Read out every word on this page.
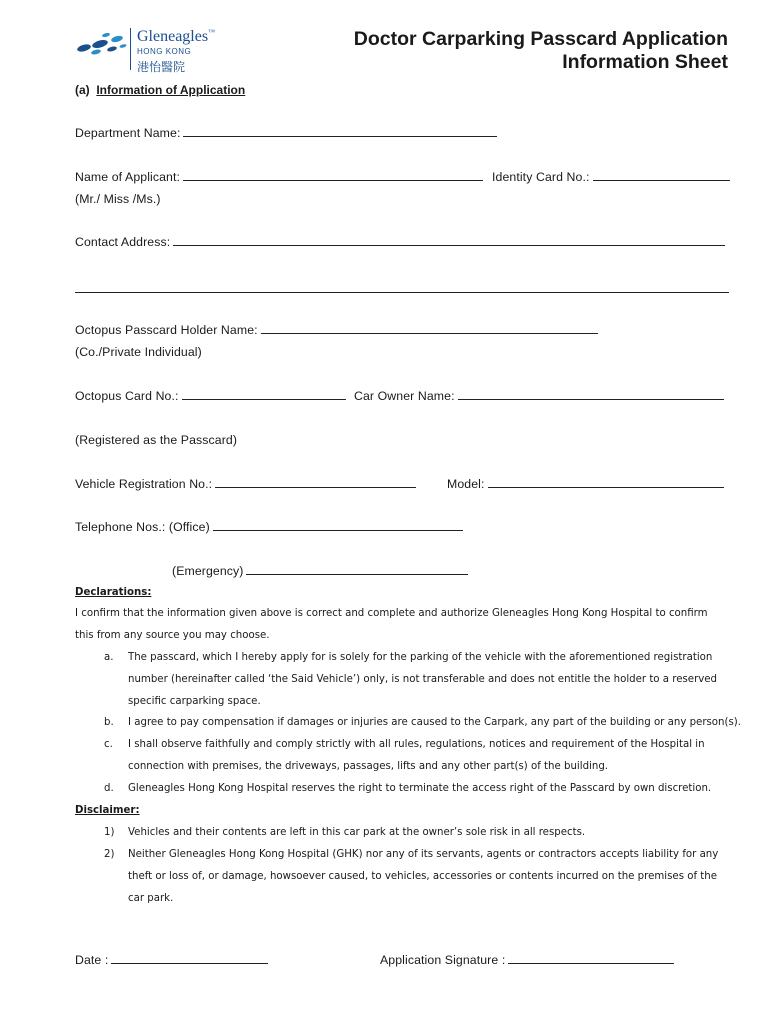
Gleneagles™
HONG KONG
港怡醫院
Doctor Carparking Passcard Application
Information Sheet
(a) Information of Application
Department Name:
Name of Applicant:	Identity Card No.:
(Mr./ Miss /Ms.)
Contact Address:
Octopus Passcard Holder Name:
(Co./Private Individual)
Octopus Card No.:	Car Owner Name:
(Registered as the Passcard)
Vehicle Registration No.:	Model:
Telephone Nos.: (Office)
(Emergency)
Declarations:
I confirm that the information given above is correct and complete and authorize Gleneagles Hong Kong Hospital to confirm
this from any source you may choose.
a.	The passcard, which I hereby apply for is solely for the parking of the vehicle with the aforementioned registration
number (hereinafter called ‘the Said Vehicle’) only, is not transferable and does not entitle the holder to a reserved
specific carparking space.
b.	I agree to pay compensation if damages or injuries are caused to the Carpark, any part of the building or any person(s).
c.	I shall observe faithfully and comply strictly with all rules, regulations, notices and requirement of the Hospital in
connection with premises, the driveways, passages, lifts and any other part(s) of the building.
d.	Gleneagles Hong Kong Hospital reserves the right to terminate the access right of the Passcard by own discretion.
Disclaimer:
1)	Vehicles and their contents are left in this car park at the owner’s sole risk in all respects.
2)	Neither Gleneagles Hong Kong Hospital (GHK) nor any of its servants, agents or contractors accepts liability for any
theft or loss of, or damage, howsoever caused, to vehicles, accessories or contents incurred on the premises of the
car park.
Date :	Application Signature :
